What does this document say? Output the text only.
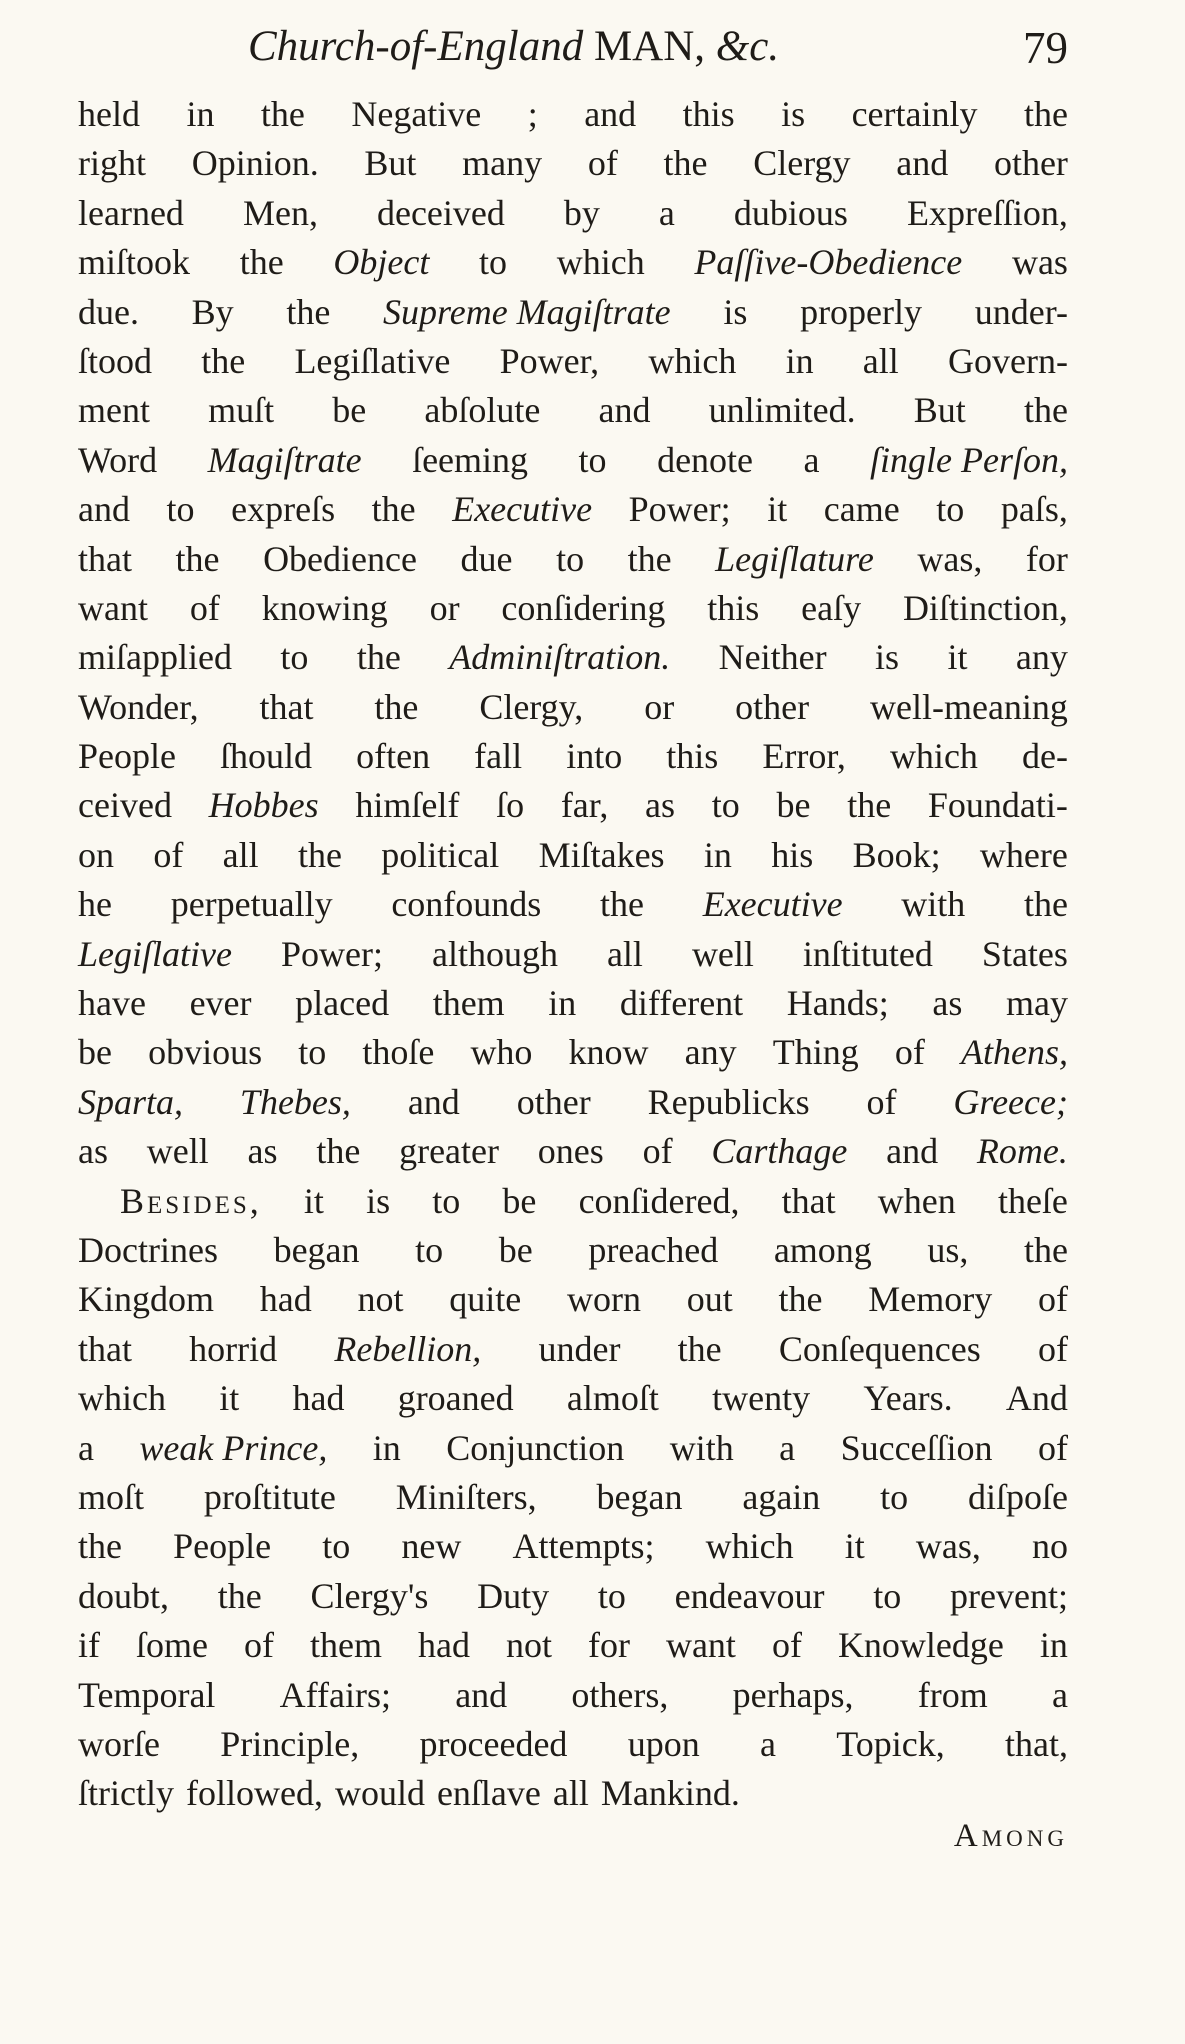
Church-of-England MAN, &c.	79
held in the Negative ; and this is certainly the
right Opinion. But many of the Clergy and other
learned Men, deceived by a dubious Expreſſion,
miſtook the Object to which Paſſive-Obedience was
due. By the Supreme Magiſtrate is properly under-
ſtood the Legiſlative Power, which in all Govern-
ment muſt be abſolute and unlimited. But the
Word Magiſtrate ſeeming to denote a ſingle Perſon,
and to expreſs the Executive Power; it came to paſs,
that the Obedience due to the Legiſlature was, for
want of knowing or conſidering this eaſy Diſtinction,
miſapplied to the Adminiſtration. Neither is it any
Wonder, that the Clergy, or other well-meaning
People ſhould often fall into this Error, which de-
ceived Hobbes himſelf ſo far, as to be the Foundati-
on of all the political Miſtakes in his Book; where
he perpetually confounds the Executive with the
Legiſlative Power; although all well inſtituted States
have ever placed them in different Hands; as may
be obvious to thoſe who know any Thing of Athens,
Sparta, Thebes, and other Republicks of Greece;
as well as the greater ones of Carthage and Rome.
Besides, it is to be conſidered, that when theſe
Doctrines began to be preached among us, the
Kingdom had not quite worn out the Memory of
that horrid Rebellion, under the Conſequences of
which it had groaned almoſt twenty Years. And
a weak Prince, in Conjunction with a Succeſſion of
moſt proſtitute Miniſters, began again to diſpoſe
the People to new Attempts; which it was, no
doubt, the Clergy's Duty to endeavour to prevent;
if ſome of them had not for want of Knowledge in
Temporal Affairs; and others, perhaps, from a
worſe Principle, proceeded upon a Topick, that,
ſtrictly followed, would enſlave all Mankind.
Among
